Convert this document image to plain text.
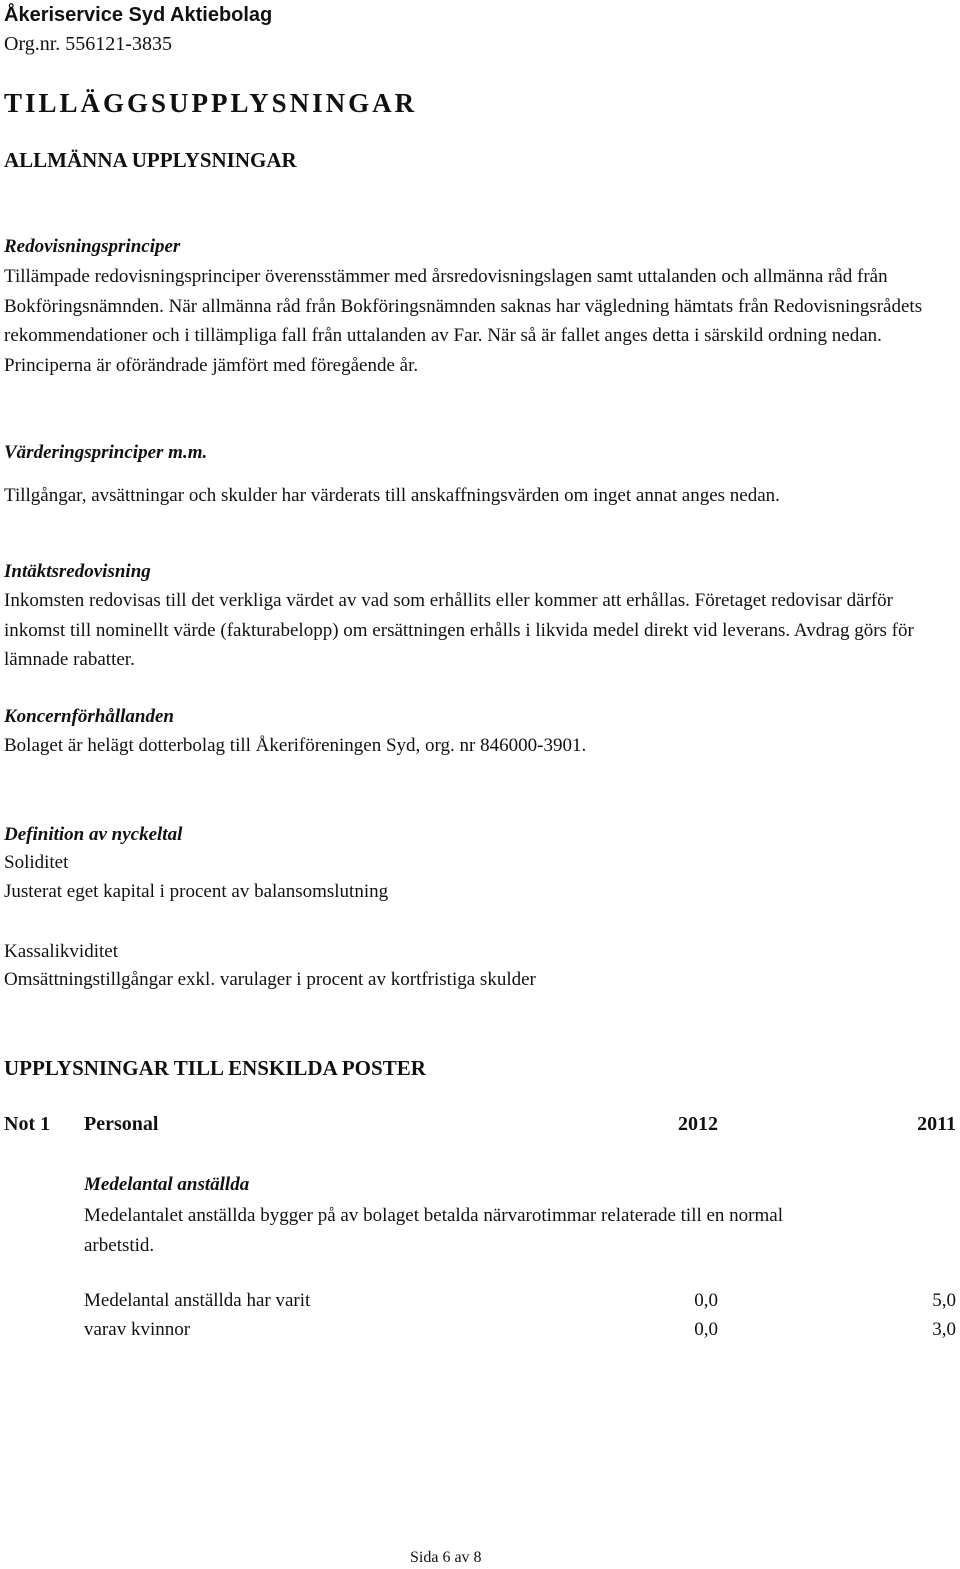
Åkeriservice Syd Aktiebolag
Org.nr. 556121-3835
TILLÄGGSUPPLYSNINGAR
ALLMÄNNA UPPLYSNINGAR
Redovisningsprinciper
Tillämpade redovisningsprinciper överensstämmer med årsredovisningslagen samt uttalanden och allmänna råd från Bokföringsnämnden. När allmänna råd från Bokföringsnämnden saknas har vägledning hämtats från Redovisningsrådets rekommendationer och i tillämpliga fall från uttalanden av Far. När så är fallet anges detta i särskild ordning nedan. Principerna är oförändrade jämfört med föregående år.
Värderingsprinciper m.m.
Tillgångar, avsättningar och skulder har värderats till anskaffningsvärden om inget annat anges nedan.
Intäktsredovisning
Inkomsten redovisas till det verkliga värdet av vad som erhållits eller kommer att erhållas. Företaget redovisar därför inkomst till nominellt värde (fakturabelopp) om ersättningen erhålls i likvida medel direkt vid leverans. Avdrag görs för lämnade rabatter.
Koncernförhållanden
Bolaget är helägt dotterbolag till Åkeriföreningen Syd, org. nr 846000-3901.
Definition av nyckeltal
Soliditet
Justerat eget kapital i procent av balansomslutning
Kassalikviditet
Omsättningstillgångar exkl. varulager i procent av kortfristiga skulder
UPPLYSNINGAR TILL ENSKILDA POSTER
Not 1 Personal	2012	2011
Medelantal anställda
Medelantalet anställda bygger på av bolaget betalda närvarotimmar relaterade till en normal arbetstid.
Medelantal anställda har varit	0,0	5,0
varav kvinnor	0,0	3,0
Sida 6 av 8
